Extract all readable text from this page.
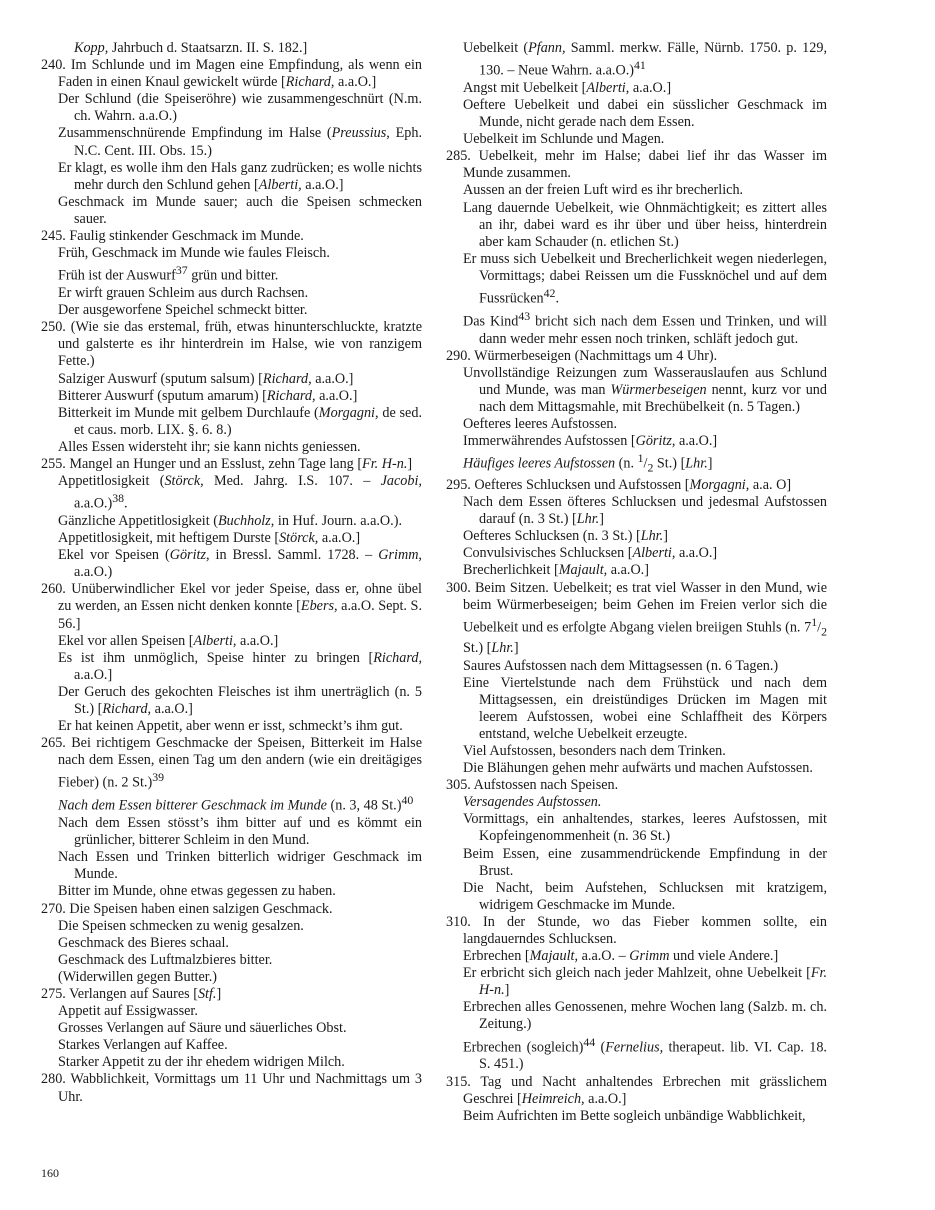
Kopp, Jahrbuch d. Staatsarzn. II. S. 182.]

240. Im Schlunde und im Magen eine Empfindung, als wenn ein Faden in einen Knaul gewickelt würde [Richard, a.a.O.]

Der Schlund (die Speiseröhre) wie zusammengeschnürt (N.m. ch. Wahrn. a.a.O.)

Zusammenschnürende Empfindung im Halse (Preussius, Eph. N.C. Cent. III. Obs. 15.)

Er klagt, es wolle ihm den Hals ganz zudrücken; es wolle nichts mehr durch den Schlund gehen [Alberti, a.a.O.]

Geschmack im Munde sauer; auch die Speisen schmecken sauer.

245. Faulig stinkender Geschmack im Munde.

Früh, Geschmack im Munde wie faules Fleisch.

Früh ist der Auswurf$^{37}$ grün und bitter.

Er wirft grauen Schleim aus durch Rachsen.

Der ausgeworfene Speichel schmeckt bitter.

250. (Wie sie das erstemal, früh, etwas hinunterschluckte, kratzte und galsterte es ihr hinterdrein im Halse, wie von ranzigem Fette.)

Salziger Auswurf (sputum salsum) [Richard, a.a.O.]

Bitterer Auswurf (sputum amarum) [Richard, a.a.O.]

Bitterkeit im Munde mit gelbem Durchlaufe (Morgagni, de sed. et caus. morb. LIX. §. 6. 8.)

Alles Essen widersteht ihr; sie kann nichts geniessen.

255. Mangel an Hunger und an Esslust, zehn Tage lang [Fr. H-n.]

Appetitlosigkeit (Störck, Med. Jahrg. I.S. 107. – Jacobi, a.a.O.)$^{38}$.

Gänzliche Appetitlosigkeit (Buchholz, in Huf. Journ. a.a.O.).

Appetitlosigkeit, mit heftigem Durste [Störck, a.a.O.]

Ekel vor Speisen (Göritz, in Bressl. Samml. 1728. – Grimm, a.a.O.)

260. Unüberwindlicher Ekel vor jeder Speise, dass er, ohne übel zu werden, an Essen nicht denken konnte [Ebers, a.a.O. Sept. S. 56.]

Ekel vor allen Speisen [Alberti, a.a.O.]

Es ist ihm unmöglich, Speise hinter zu bringen [Richard, a.a.O.]

Der Geruch des gekochten Fleisches ist ihm unerträglich (n. 5 St.) [Richard, a.a.O.]

Er hat keinen Appetit, aber wenn er isst, schmeckt’s ihm gut.

265. Bei richtigem Geschmacke der Speisen, Bitterkeit im Halse nach dem Essen, einen Tag um den andern (wie ein dreitägiges Fieber) (n. 2 St.)$^{39}$

Nach dem Essen bitterer Geschmack im Munde (n. 3, 48 St.)$^{40}$

Nach dem Essen stösst’s ihm bitter auf und es kömmt ein grünlicher, bitterer Schleim in den Mund.

Nach Essen und Trinken bitterlich widriger Geschmack im Munde.

Bitter im Munde, ohne etwas gegessen zu haben.

270. Die Speisen haben einen salzigen Geschmack.

Die Speisen schmecken zu wenig gesalzen.

Geschmack des Bieres schaal.

Geschmack des Luftmalzbieres bitter.

(Widerwillen gegen Butter.)

275. Verlangen auf Saures [Stf.]

Appetit auf Essigwasser.

Grosses Verlangen auf Säure und säuerliches Obst.

Starkes Verlangen auf Kaffee.

Starker Appetit zu der ihr ehedem widrigen Milch.

280. Wabblichkeit, Vormittags um 11 Uhr und Nachmittags um 3 Uhr.

Uebelkeit (Pfann, Samml. merkw. Fälle, Nürnb. 1750. p. 129, 130. – Neue Wahrn. a.a.O.)$^{41}$

Angst mit Uebelkeit [Alberti, a.a.O.]

Oeftere Uebelkeit und dabei ein süsslicher Geschmack im Munde, nicht gerade nach dem Essen.

Uebelkeit im Schlunde und Magen.

285. Uebelkeit, mehr im Halse; dabei lief ihr das Wasser im Munde zusammen.

Aussen an der freien Luft wird es ihr brecherlich.

Lang dauernde Uebelkeit, wie Ohnmächtigkeit; es zittert alles an ihr, dabei ward es ihr über und über heiss, hinterdrein aber kam Schauder (n. etlichen St.)

Er muss sich Uebelkeit und Brecherlichkeit wegen niederlegen, Vormittags; dabei Reissen um die Fussknöchel und auf dem Fussrücken$^{42}$.

Das Kind$^{43}$ bricht sich nach dem Essen und Trinken, und will dann weder mehr essen noch trinken, schläft jedoch gut.

290. Würmerbeseigen (Nachmittags um 4 Uhr).

Unvollständige Reizungen zum Wasserauslaufen aus Schlund und Munde, was man Würmerbeseigen nennt, kurz vor und nach dem Mittagsmahle, mit Brechübelkeit (n. 5 Tagen.)

Oefteres leeres Aufstossen.

Immerwährendes Aufstossen [Göritz, a.a.O.]

Häufiges leeres Aufstossen (n. $^1/_2$ St.) [Lhr.]

295. Oefteres Schlucksen und Aufstossen [Morgagni, a.a. O]

Nach dem Essen öfteres Schlucksen und jedesmal Aufstossen darauf (n. 3 St.) [Lhr.]

Oefteres Schlucksen (n. 3 St.) [Lhr.]

Convulsivisches Schlucksen [Alberti, a.a.O.]

Brecherlichkeit [Majault, a.a.O.]

300. Beim Sitzen. Uebelkeit; es trat viel Wasser in den Mund, wie beim Würmerbeseigen; beim Gehen im Freien verlor sich die Uebelkeit und es erfolgte Abgang vielen breiigen Stuhls (n. $7^1/_2$ St.) [Lhr.]

Saures Aufstossen nach dem Mittagsessen (n. 6 Tagen.)

Eine Viertelstunde nach dem Frühstück und nach dem Mittagsessen, ein dreistündiges Drücken im Magen mit leerem Aufstossen, wobei eine Schlaffheit des Körpers entstand, welche Uebelkeit erzeugte.

Viel Aufstossen, besonders nach dem Trinken.

Die Blähungen gehen mehr aufwärts und machen Aufstossen.

305. Aufstossen nach Speisen.

Versagendes Aufstossen.

Vormittags, ein anhaltendes, starkes, leeres Aufstossen, mit Kopfeingenommenheit (n. 36 St.)

Beim Essen, eine zusammendrückende Empfindung in der Brust.

Die Nacht, beim Aufstehen, Schlucksen mit kratzigem, widrigem Geschmacke im Munde.

310. In der Stunde, wo das Fieber kommen sollte, ein langdauerndes Schlucksen.

Erbrechen [Majault, a.a.O. – Grimm und viele Andere.]

Er erbricht sich gleich nach jeder Mahlzeit, ohne Uebelkeit [Fr. H-n.]

Erbrechen alles Genossenen, mehre Wochen lang (Salzb. m. ch. Zeitung.)

Erbrechen (sogleich)$^{44}$ (Fernelius, therapeut. lib. VI. Cap. 18. S. 451.)

315. Tag und Nacht anhaltendes Erbrechen mit grässlichem Geschrei [Heimreich, a.a.O.]

Beim Aufrichten im Bette sogleich unbändige Wabblichkeit,

160
